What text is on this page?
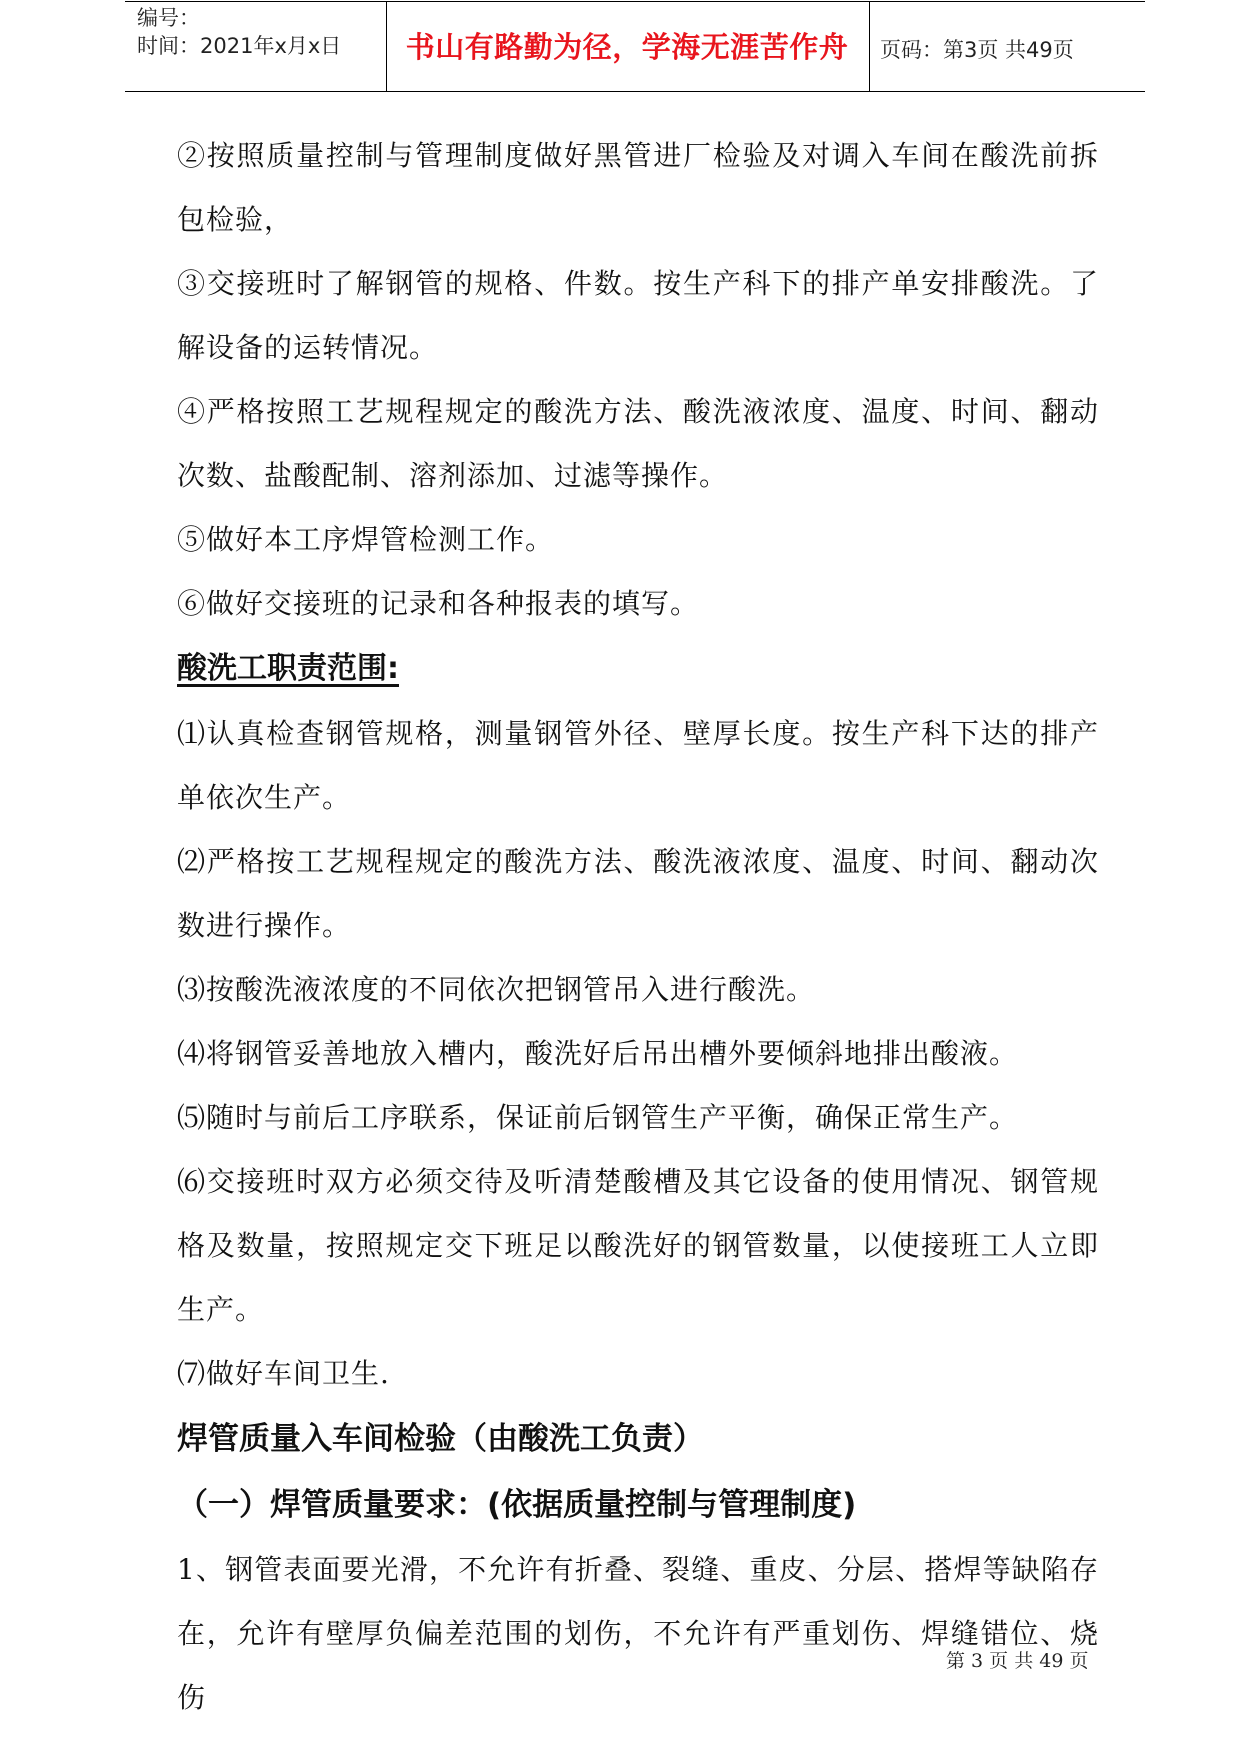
编号：
时间：2021年x月x日	书山有路勤为径，学海无涯苦作舟	页码：第3页 共49页

②按照质量控制与管理制度做好黑管进厂检验及对调入车间在酸洗前拆包检验，

③交接班时了解钢管的规格、件数。按生产科下的排产单安排酸洗。了解设备的运转情况。

④严格按照工艺规程规定的酸洗方法、酸洗液浓度、温度、时间、翻动次数、盐酸配制、溶剂添加、过滤等操作。

⑤做好本工序焊管检测工作。

⑥做好交接班的记录和各种报表的填写。

酸洗工职责范围:

⑴认真检查钢管规格，测量钢管外径、壁厚长度。按生产科下达的排产单依次生产。

⑵严格按工艺规程规定的酸洗方法、酸洗液浓度、温度、时间、翻动次数进行操作。

⑶按酸洗液浓度的不同依次把钢管吊入进行酸洗。

⑷将钢管妥善地放入槽内，酸洗好后吊出槽外要倾斜地排出酸液。

⑸随时与前后工序联系，保证前后钢管生产平衡，确保正常生产。

⑹交接班时双方必须交待及听清楚酸槽及其它设备的使用情况、钢管规格及数量，按照规定交下班足以酸洗好的钢管数量，以使接班工人立即生产。

⑺做好车间卫生.

焊管质量入车间检验（由酸洗工负责）

（一）焊管质量要求：(依据质量控制与管理制度)

1、钢管表面要光滑，不允许有折叠、裂缝、重皮、分层、搭焊等缺陷存在，允许有壁厚负偏差范围的划伤，不允许有严重划伤、焊缝错位、烧伤

第 3 页 共 49 页
